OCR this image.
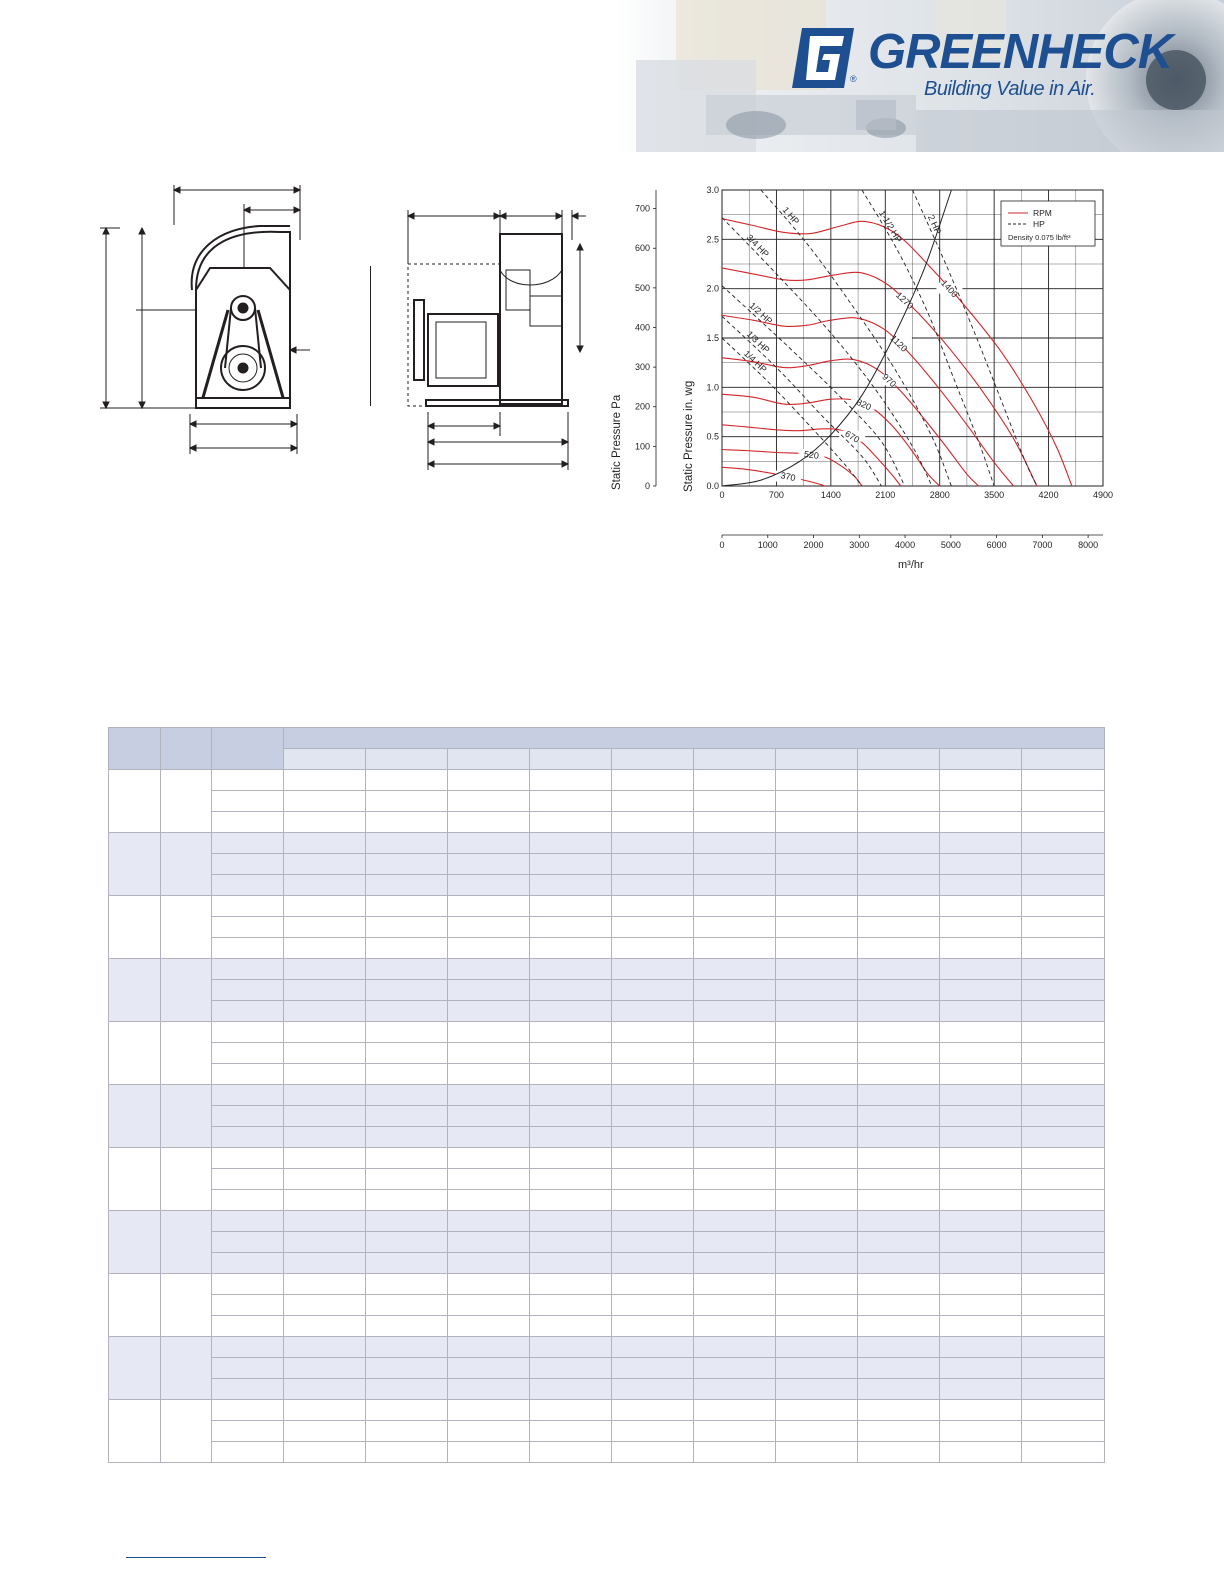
GREENHECK
®	Building Value in Air.
370
520
670
820
970
1120
1270
1400
1/4 HP
1/3 HP
1/2 HP
3/4 HP
1 HP	1-1/2 HP 2 HP
0	700	1400	2100	2800	3500	4200	4900
0.0
0.5
1.0
1.5
2.0
2.5
3.0
0
100
200
300
400
500
600
700
0	1000	2000	3000	4000	5000	6000	7000	8000
RPM
HP
Density 0.075 lb/ft³
Static Pressure Pa	Static Pressure in. wg
m³/hr
